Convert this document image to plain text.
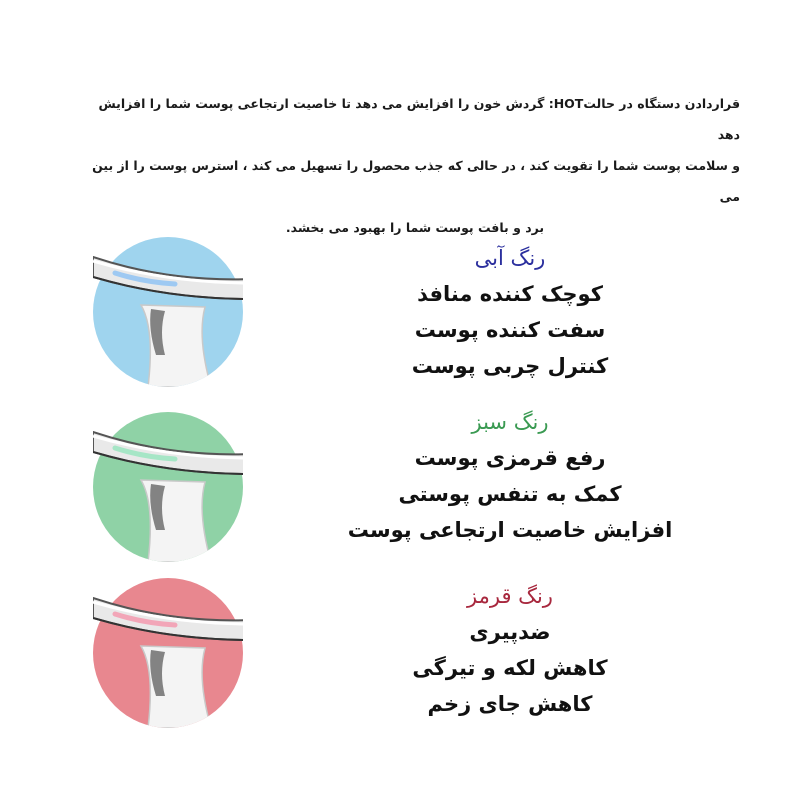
قراردادن دستگاه در حالتHOT: گردش خون را افزایش می دهد تا خاصیت ارتجاعی پوست شما را افزایش دهد

و سلامت پوست شما را تقویت کند ، در حالی که جذب محصول را تسهیل می کند ، استرس پوست را از بین می

برد و بافت پوست شما را بهبود می بخشد.

رنگ آبی
کوچک کننده منافذ
سفت کننده پوست
کنترل چربی پوست
رنگ سبز
رفع قرمزی پوست
کمک به تنفس پوستی
افزایش خاصیت ارتجاعی پوست
رنگ قرمز
ضدپیری
کاهش لکه و تیرگی
کاهش جای زخم
